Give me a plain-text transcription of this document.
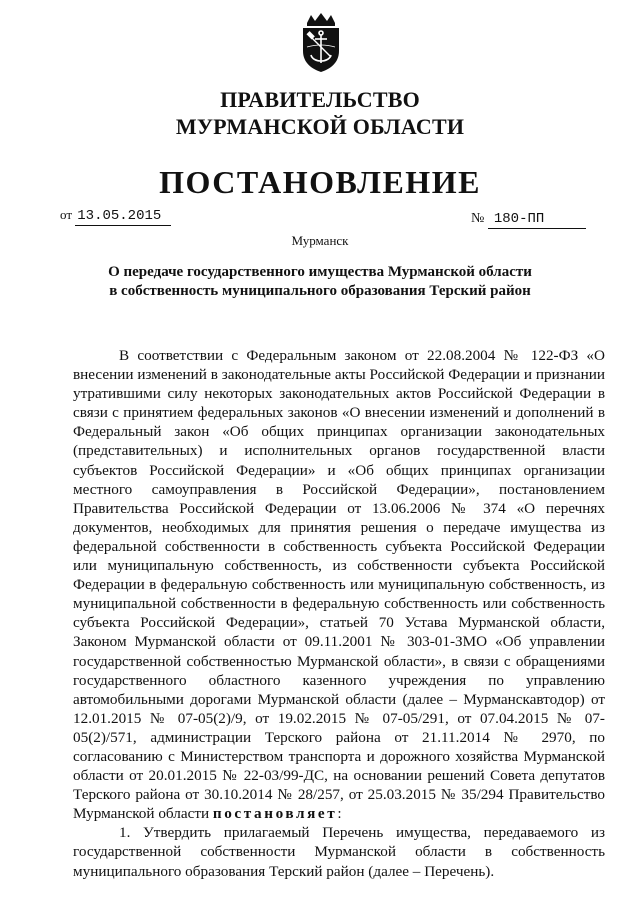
ПРАВИТЕЛЬСТВО
МУРМАНСКОЙ ОБЛАСТИ
ПОСТАНОВЛЕНИЕ
от 13.05.2015	№ 180-ПП
Мурманск
О передаче государственного имущества Мурманской области
в собственность муниципального образования Терский район

В соответствии с Федеральным законом от 22.08.2004 № 122-ФЗ «О внесении изменений в законодательные акты Российской Федерации и признании утратившими силу некоторых законодательных актов Российской Федерации в связи с принятием федеральных законов «О внесении изменений и дополнений в Федеральный закон «Об общих принципах организации законодательных (представительных) и исполнительных органов государственной власти субъектов Российской Федерации» и «Об общих принципах организации местного самоуправления в Российской Федерации», постановлением Правительства Российской Федерации от 13.06.2006 № 374 «О перечнях документов, необходимых для принятия решения о передаче имущества из федеральной собственности в собственность субъекта Российской Федерации или муниципальную собственность, из собственности субъекта Российской Федерации в федеральную собственность или муниципальную собственность, из муниципальной собственности в федеральную собственность или собственность субъекта Российской Федерации», статьей 70 Устава Мурманской области, Законом Мурманской области от 09.11.2001 № 303-01-ЗМО «Об управлении государственной собственностью Мурманской области», в связи с обращениями государственного областного казенного учреждения по управлению автомобильными дорогами Мурманской области (далее – Мурманскавтодор) от 12.01.2015 № 07-05(2)/9, от 19.02.2015 № 07-05/291, от 07.04.2015 № 07-05(2)/571, администрации Терского района от 21.11.2014 № 2970, по согласованию с Министерством транспорта и дорожного хозяйства Мурманской области от 20.01.2015 № 22-03/99-ДС, на основании решений Совета депутатов Терского района от 30.10.2014 № 28/257, от 25.03.2015 № 35/294 Правительство Мурманской области постановляет:

1. Утвердить прилагаемый Перечень имущества, передаваемого из государственной собственности Мурманской области в собственность муниципального образования Терский район (далее – Перечень).
